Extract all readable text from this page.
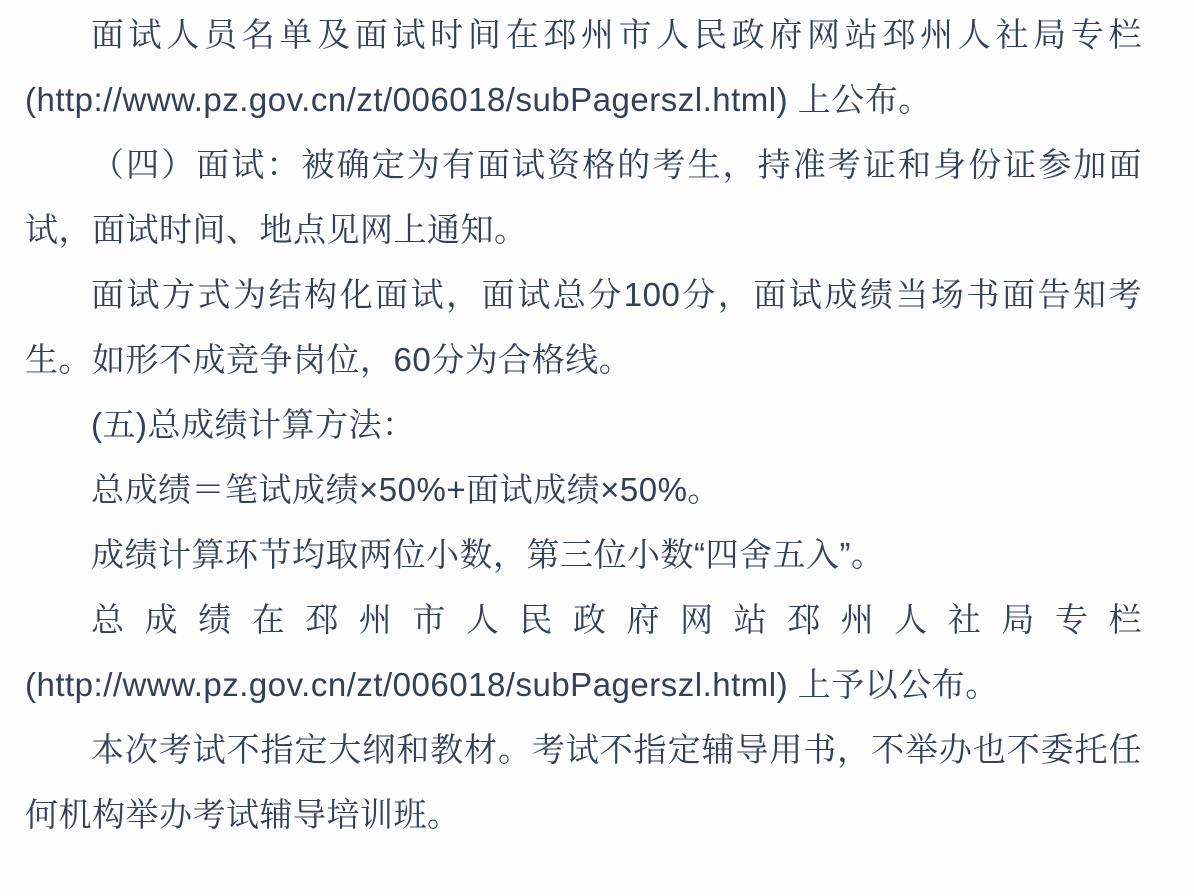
面试人员名单及面试时间在邳州市人民政府网站邳州人社局专栏
(http://www.pz.gov.cn/zt/006018/subPagerszl.html) 上公布。
（四）面试：被确定为有面试资格的考生，持准考证和身份证参加面
试，面试时间、地点见网上通知。
面试方式为结构化面试，面试总分100分，面试成绩当场书面告知考
生。如形不成竞争岗位，60分为合格线。
(五)总成绩计算方法：
总成绩＝笔试成绩×50%+面试成绩×50%。
成绩计算环节均取两位小数，第三位小数“四舍五入”。
总成绩在邳州市人民政府网站邳州人社局专栏
(http://www.pz.gov.cn/zt/006018/subPagerszl.html) 上予以公布。
本次考试不指定大纲和教材。考试不指定辅导用书，不举办也不委托任
何机构举办考试辅导培训班。
